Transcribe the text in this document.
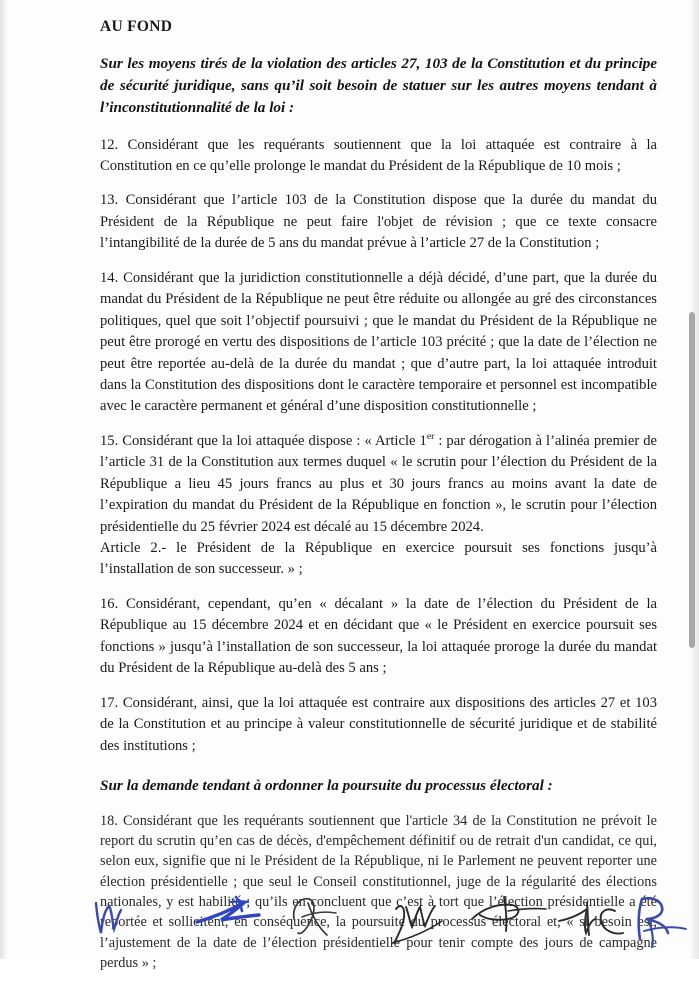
AU FOND
Sur les moyens tirés de la violation des articles 27, 103 de la Constitution et du principe de sécurité juridique, sans qu’il soit besoin de statuer sur les autres moyens tendant à l’inconstitutionnalité de la loi :

12. Considérant que les requérants soutiennent que la loi attaquée est contraire à la Constitution en ce qu’elle prolonge le mandat du Président de la République de 10 mois ;

13. Considérant que l’article 103 de la Constitution dispose que la durée du mandat du Président de la République ne peut faire l'objet de révision ; que ce texte consacre l’intangibilité de la durée de 5 ans du mandat prévue à l’article 27 de la Constitution ;

14. Considérant que la juridiction constitutionnelle a déjà décidé, d’une part, que la durée du mandat du Président de la République ne peut être réduite ou allongée au gré des circonstances politiques, quel que soit l’objectif poursuivi ; que le mandat du Président de la République ne peut être prorogé en vertu des dispositions de l’article 103 précité ; que la date de l’élection ne peut être reportée au-delà de la durée du mandat ; que d’autre part, la loi attaquée introduit dans la Constitution des dispositions dont le caractère temporaire et personnel est incompatible avec le caractère permanent et général d’une disposition constitutionnelle ;

15. Considérant que la loi attaquée dispose : « Article 1er : par dérogation à l’alinéa premier de l’article 31 de la Constitution aux termes duquel « le scrutin pour l’élection du Président de la République a lieu 45 jours francs au plus et 30 jours francs au moins avant la date de l’expiration du mandat du Président de la République en fonction », le scrutin pour l’élection présidentielle du 25 février 2024 est décalé au 15 décembre 2024.
Article 2.- le Président de la République en exercice poursuit ses fonctions jusqu’à l’installation de son successeur. » ;

16. Considérant, cependant, qu’en « décalant » la date de l’élection du Président de la République au 15 décembre 2024 et en décidant que « le Président en exercice poursuit ses fonctions » jusqu’à l’installation de son successeur, la loi attaquée proroge la durée du mandat du Président de la République au-delà des 5 ans ;

17. Considérant, ainsi, que la loi attaquée est contraire aux dispositions des articles 27 et 103 de la Constitution et au principe à valeur constitutionnelle de sécurité juridique et de stabilité des institutions ;

Sur la demande tendant à ordonner la poursuite du processus électoral :

18. Considérant que les requérants soutiennent que l'article 34 de la Constitution ne prévoit le report du scrutin qu’en cas de décès, d'empêchement définitif ou de retrait d'un candidat, ce qui, selon eux, signifie que ni le Président de la République, ni le Parlement ne peuvent reporter une élection présidentielle ; que seul le Conseil constitutionnel, juge de la régularité des élections nationales, y est habilité ; qu’ils en concluent que c’est à tort que l’élection présidentielle a été reportée et sollicitent, en conséquence, la poursuite du processus électoral et, « si besoin est, l’ajustement de la date de l’élection présidentielle pour tenir compte des jours de campagne perdus » ;
